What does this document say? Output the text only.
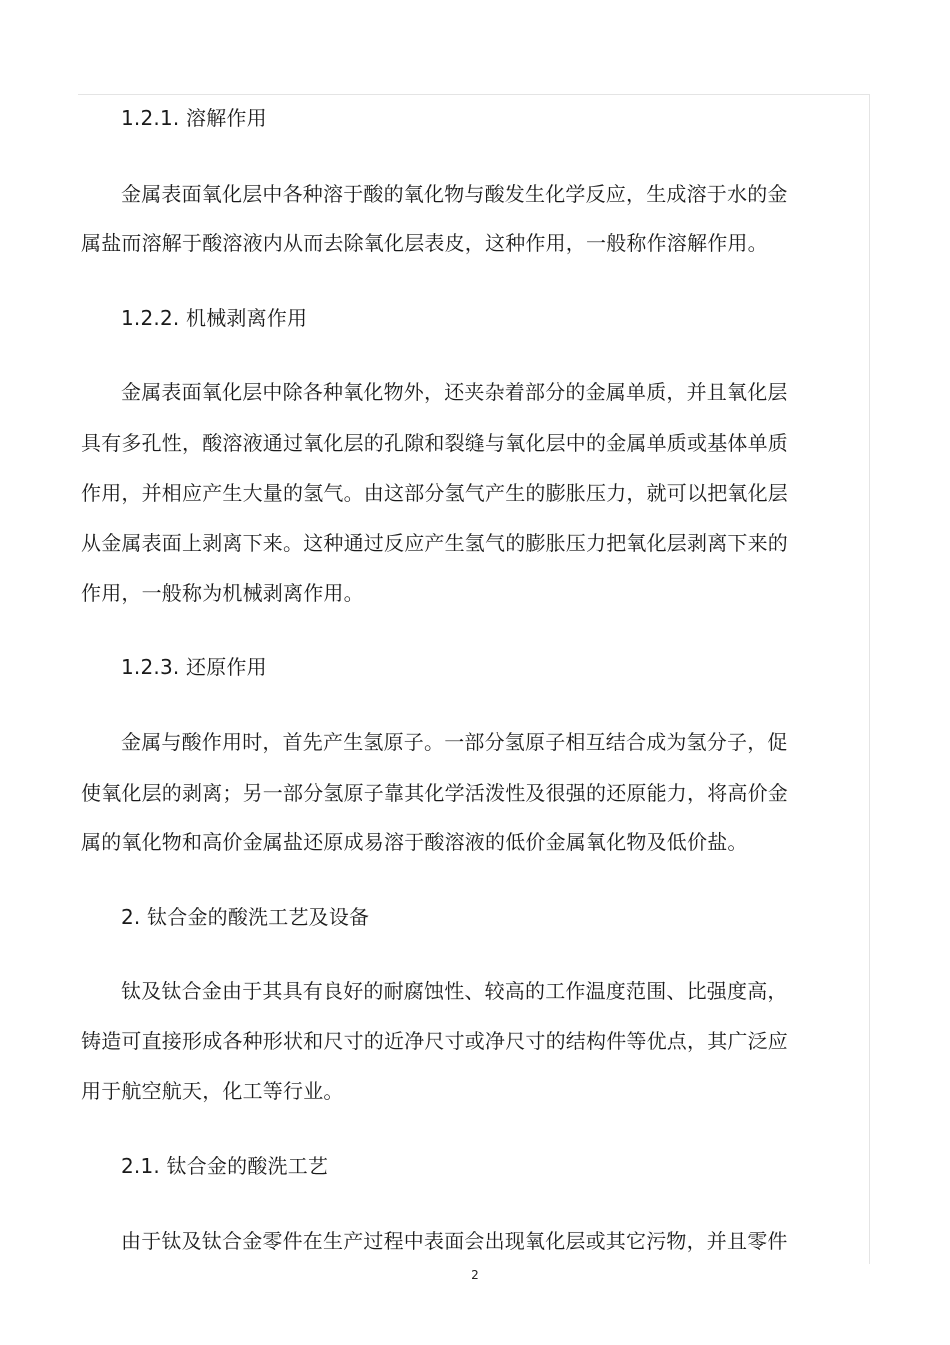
1.2.1. 溶解作用
金属表面氧化层中各种溶于酸的氧化物与酸发生化学反应，生成溶于水的金
属盐而溶解于酸溶液内从而去除氧化层表皮，这种作用，一般称作溶解作用。
1.2.2. 机械剥离作用
金属表面氧化层中除各种氧化物外，还夹杂着部分的金属单质，并且氧化层
具有多孔性，酸溶液通过氧化层的孔隙和裂缝与氧化层中的金属单质或基体单质
作用，并相应产生大量的氢气。由这部分氢气产生的膨胀压力，就可以把氧化层
从金属表面上剥离下来。这种通过反应产生氢气的膨胀压力把氧化层剥离下来的
作用，一般称为机械剥离作用。
1.2.3. 还原作用
金属与酸作用时，首先产生氢原子。一部分氢原子相互结合成为氢分子，促
使氧化层的剥离；另一部分氢原子靠其化学活泼性及很强的还原能力，将高价金
属的氧化物和高价金属盐还原成易溶于酸溶液的低价金属氧化物及低价盐。
2. 钛合金的酸洗工艺及设备
钛及钛合金由于其具有良好的耐腐蚀性、较高的工作温度范围、比强度高，
铸造可直接形成各种形状和尺寸的近净尺寸或净尺寸的结构件等优点，其广泛应
用于航空航天，化工等行业。
2.1. 钛合金的酸洗工艺
由于钛及钛合金零件在生产过程中表面会出现氧化层或其它污物，并且零件
2
